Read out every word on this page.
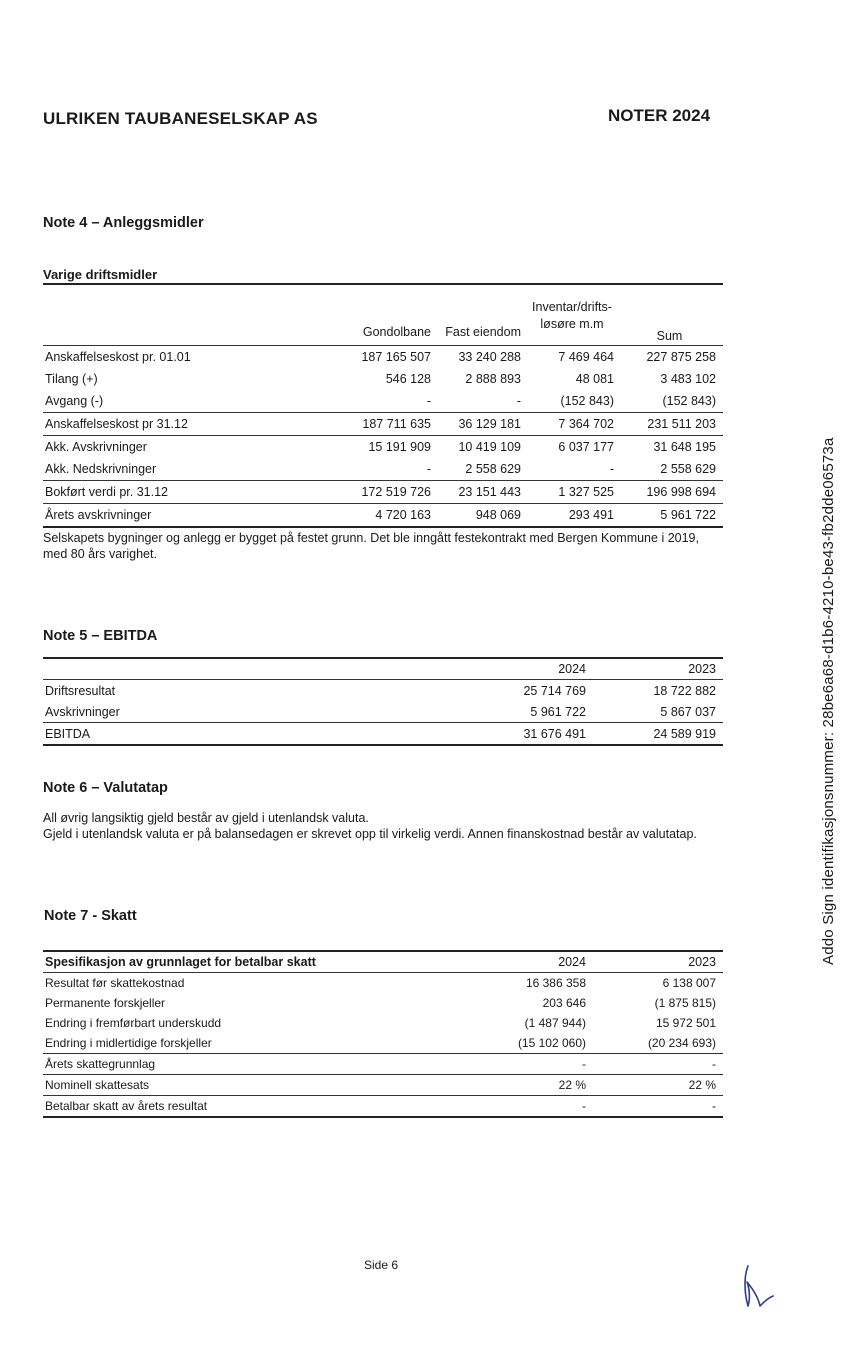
ULRIKEN TAUBANESELSKAP AS	NOTER 2024
Note 4 – Anleggsmidler
Varige driftsmidler
	Gondolbane	Fast eiendom	Inventar/drifts-
løsøre m.m	Sum
Anskaffelseskost pr. 01.01	187 165 507	33 240 288	7 469 464	227 875 258
Tilang (+)	546 128	2 888 893	48 081	3 483 102
Avgang (-)	-	-	(152 843)	(152 843)
Anskaffelseskost pr 31.12	187 711 635	36 129 181	7 364 702	231 511 203
Akk. Avskrivninger	15 191 909	10 419 109	6 037 177	31 648 195
Akk. Nedskrivninger	-	2 558 629	-	2 558 629
Bokført verdi pr. 31.12	172 519 726	23 151 443	1 327 525	196 998 694
Årets avskrivninger	4 720 163	948 069	293 491	5 961 722
Selskapets bygninger og anlegg er bygget på festet grunn. Det ble inngått festekontrakt med Bergen Kommune i 2019, med 80 års varighet.
Note 5 – EBITDA
	2024	2023
Driftsresultat	25 714 769	18 722 882
Avskrivninger	5 961 722	5 867 037
EBITDA	31 676 491	24 589 919
Note 6 – Valutatap
All øvrig langsiktig gjeld består av gjeld i utenlandsk valuta.
Gjeld i utenlandsk valuta er på balansedagen er skrevet opp til virkelig verdi. Annen finanskostnad består av valutatap.
Note 7 - Skatt
Spesifikasjon av grunnlaget for betalbar skatt	2024	2023
Resultat før skattekostnad	16 386 358	6 138 007
Permanente forskjeller	203 646	(1 875 815)
Endring i fremførbart underskudd	(1 487 944)	15 972 501
Endring i midlertidige forskjeller	(15 102 060)	(20 234 693)
Årets skattegrunnlag	-	-
Nominell skattesats	22 %	22 %
Betalbar skatt av årets resultat	-	-
Side 6
Addo Sign identifikasjonsnummer: 28be6a68-d1b6-4210-be43-fb2dde06573a
